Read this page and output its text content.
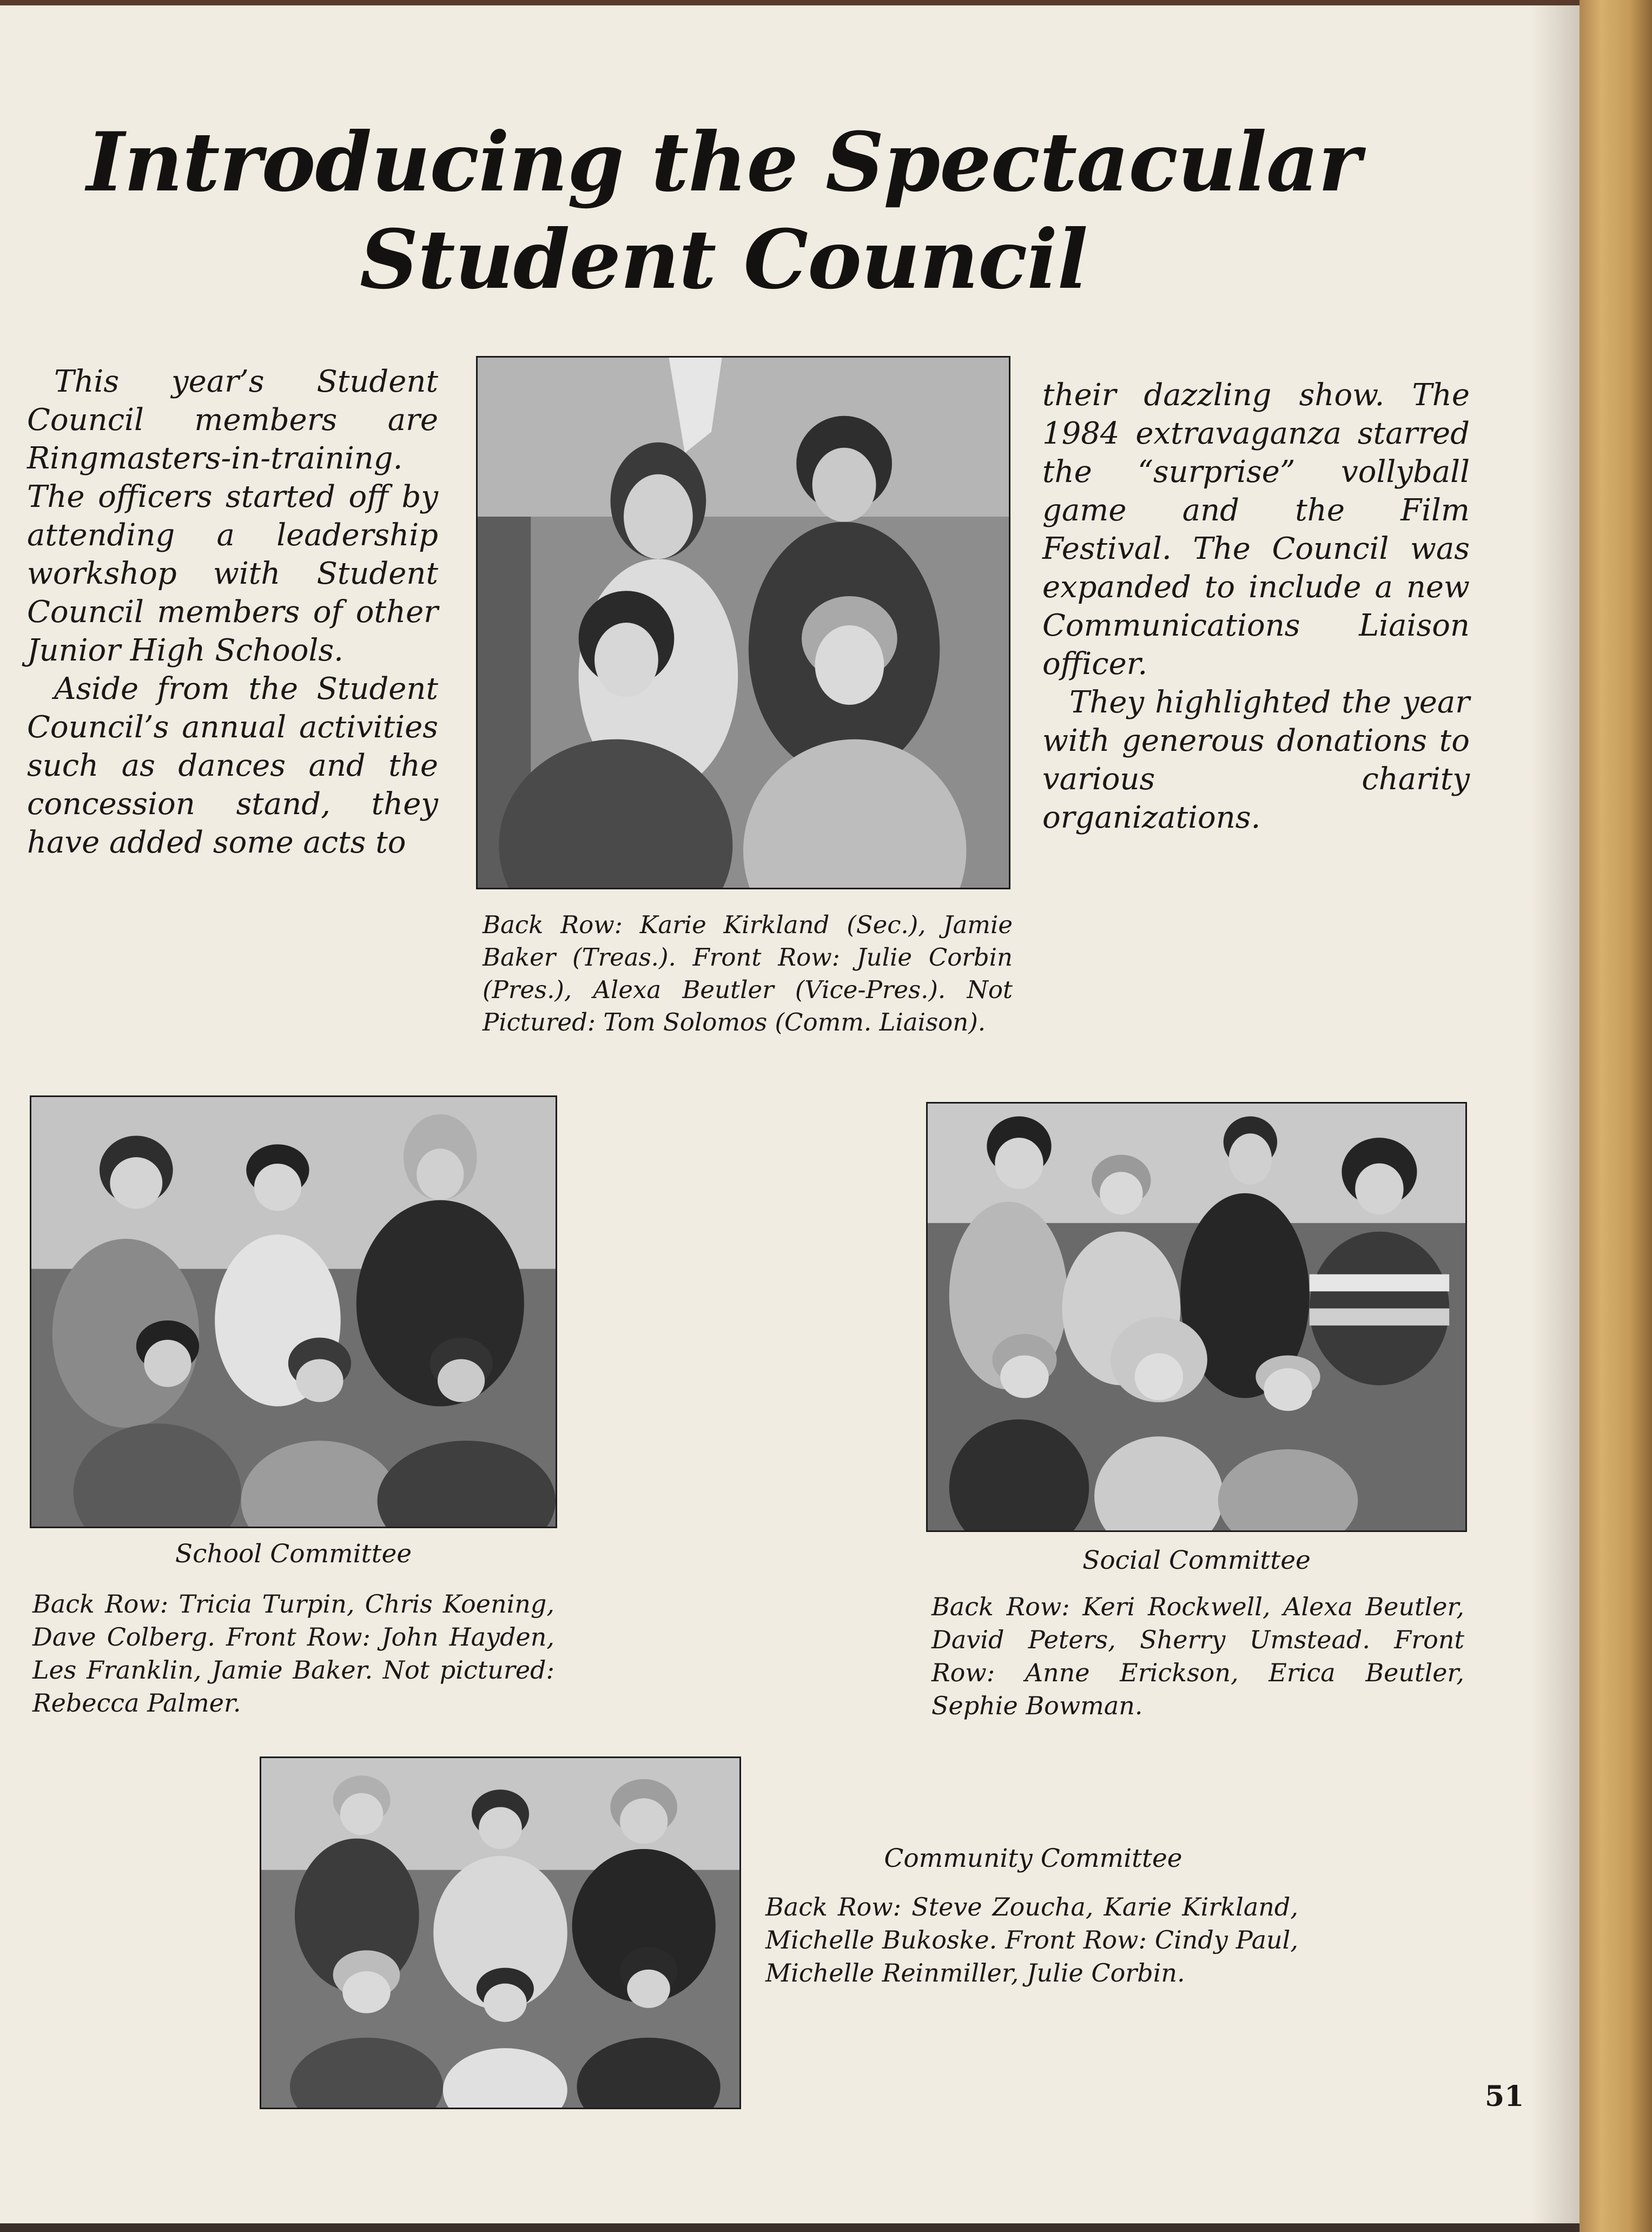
Introducing the Spectacular
Student Council

This year’s Student Council members are Ringmasters-in-training. The officers started off by attending a leadership workshop with Student Council members of other Junior High Schools.

Aside from the Student Council’s annual activities such as dances and the concession stand, they have added some acts to

Back Row: Karie Kirkland (Sec.), Jamie Baker (Treas.). Front Row: Julie Corbin (Pres.), Alexa Beutler (Vice-Pres.). Not Pictured: Tom Solomos (Comm. Liaison).

their dazzling show. The 1984 extravaganza starred the “surprise” vollyball game and the Film Festival. The Council was expanded to include a new Communications Liaison officer.

They highlighted the year with generous donations to various charity organizations.

School Committee
Back Row: Tricia Turpin, Chris Koening, Dave Colberg. Front Row: John Hayden, Les Franklin, Jamie Baker. Not pictured: Rebecca Palmer.
Social Committee
Back Row: Keri Rockwell, Alexa Beutler, David Peters, Sherry Umstead. Front Row: Anne Erickson, Erica Beutler, Sephie Bowman.
Community Committee
Back Row: Steve Zoucha, Karie Kirkland, Michelle Bukoske. Front Row: Cindy Paul, Michelle Reinmiller, Julie Corbin.
51
